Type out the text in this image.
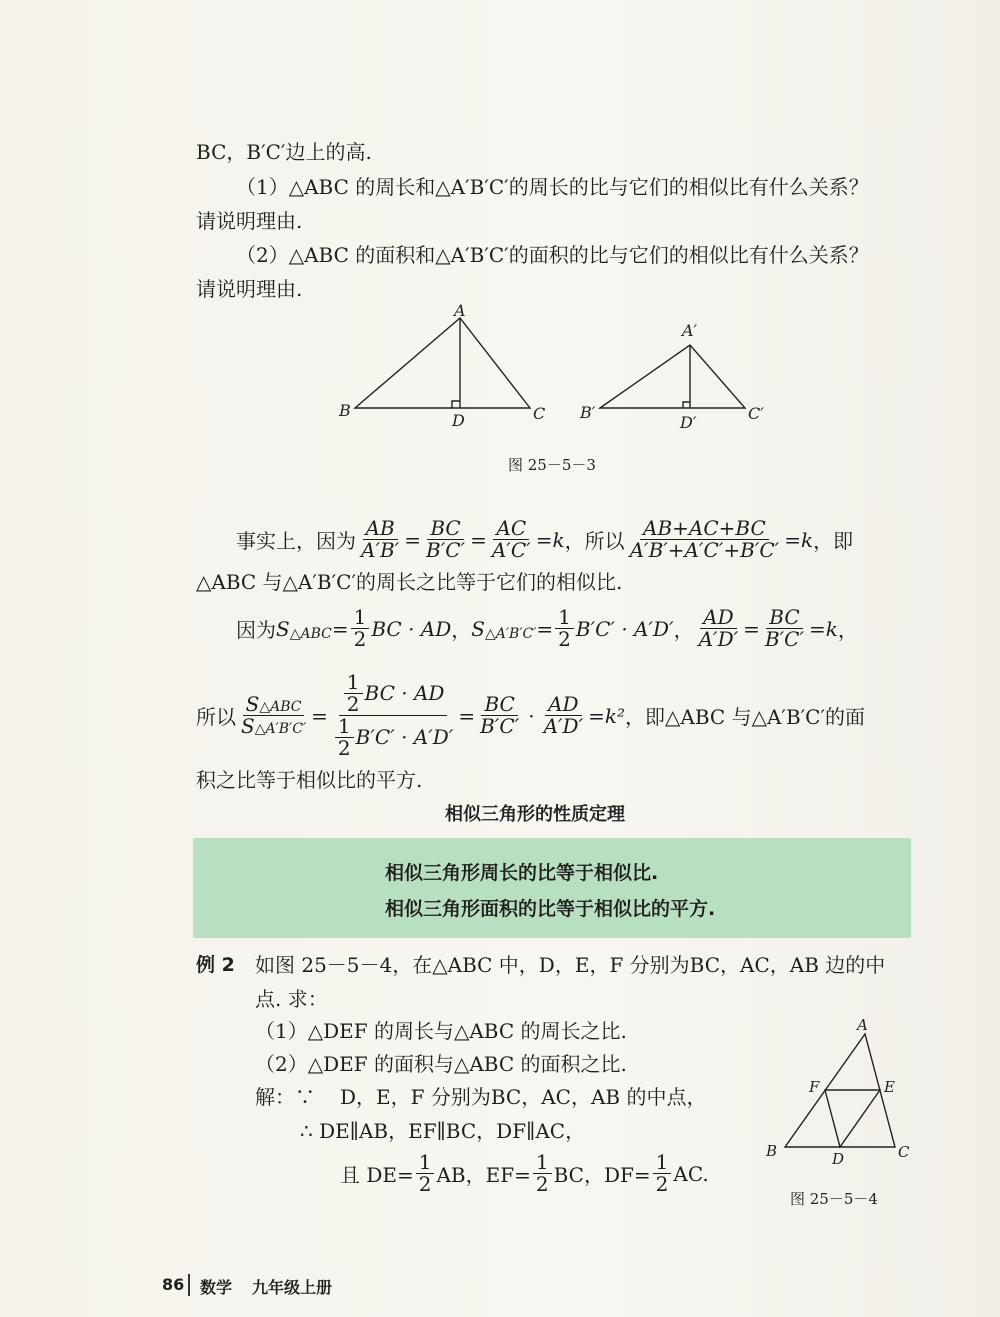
BC，B′C′边上的高.
（1）△ABC 的周长和△A′B′C′的周长的比与它们的相似比有什么关系？
请说明理由.
（2）△ABC 的面积和△A′B′C′的面积的比与它们的相似比有什么关系？
请说明理由.
A
B	C
D
A′
B′	C′
D′
图 25－5－3
事实上，因为 $\frac{AB}{A'B'} = \frac{BC}{B'C'} = \frac{AC}{A'C'} =k$ ，所以 $\frac{AB+AC+BC}{A'B'+A'C'+B'C'} =k$ ，即
△ABC 与△A′B′C′的周长之比等于它们的相似比.
因为 S △ABC = $\frac{1}{2}$ BC · AD ， S △A′B′C′ = $\frac{1}{2} B'C' \cdot A'D'$ ， $\frac{AD}{A'D'} = \frac{BC}{B'C'} =k$ ，
所以 $\frac{\text{S△ABC}}{S\triangle A'B'C'} = \frac{\frac{1}{2} BC \cdot AD}{\frac{1}{2} B'C' \cdot A'D'} = \frac{BC}{B'C'} \cdot \frac{AD}{A'D'} =k^2$ ，即△ABC 与△A′B′C′的面
积之比等于相似比的平方.
相似三角形的性质定理
相似三角形周长的比等于相似比.
相似三角形面积的比等于相似比的平方.
例 2 如图 25－5－4，在△ABC 中，D，E，F 分别为BC，AC，AB 边的中
点. 求：
（1）△DEF 的周长与△ABC 的周长之比.
（2）△DEF 的面积与△ABC 的面积之比.
解：∵ D，E，F 分别为BC，AC，AB 的中点，
∴ DE∥AB，EF∥BC，DF∥AC，
且 $DE= \frac{1}{2}$ AB，$EF= \frac{1}{2}$ BC，$DF= \frac{1}{2}$ AC.
A
B	C
D
E
F
图 25－5－4
86 数学 九年级上册
